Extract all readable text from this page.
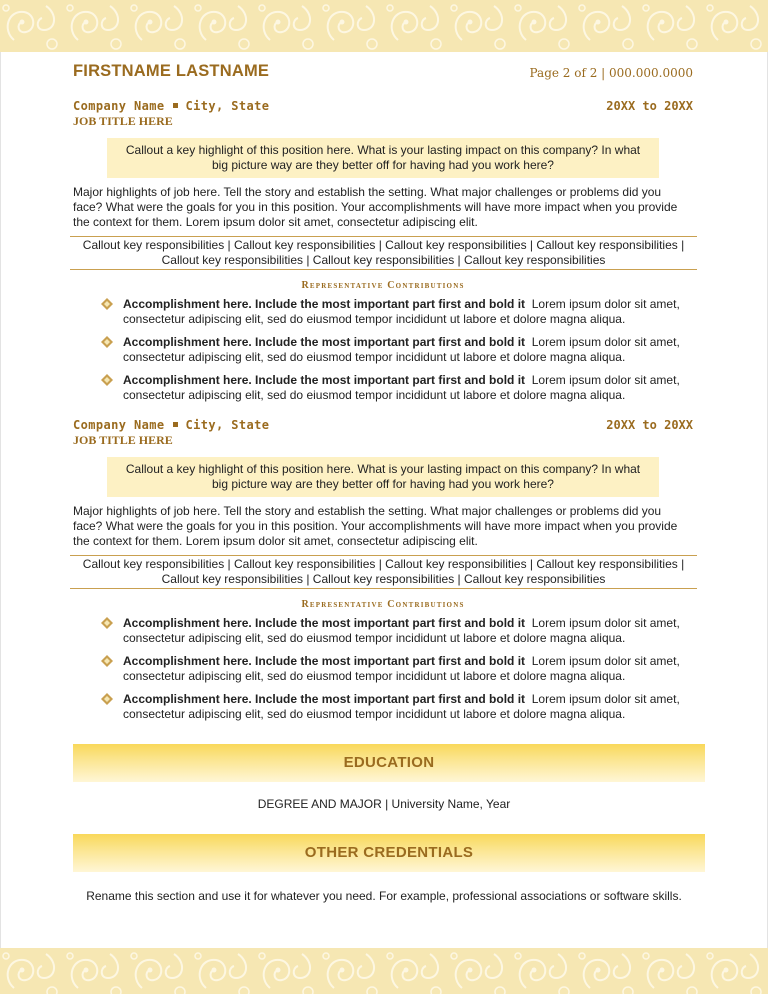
FIRSTNAME LASTNAME	Page 2 of 2 | 000.000.0000
Company Name City, State	20XX to 20XX
JOB TITLE HERE
Callout a key highlight of this position here. What is your lasting impact on this company? In what
big picture way are they better off for having had you work here?
Major highlights of job here. Tell the story and establish the setting. What major challenges or problems did you
face? What were the goals for you in this position. Your accomplishments will have more impact when you provide
the context for them. Lorem ipsum dolor sit amet, consectetur adipiscing elit.
Callout key responsibilities | Callout key responsibilities | Callout key responsibilities | Callout key responsibilities |
Callout key responsibilities | Callout key responsibilities | Callout key responsibilities
Representative Contributions
Accomplishment here. Include the most important part first and bold it Lorem ipsum dolor sit amet,
consectetur adipiscing elit, sed do eiusmod tempor incididunt ut labore et dolore magna aliqua.
Accomplishment here. Include the most important part first and bold it Lorem ipsum dolor sit amet,
consectetur adipiscing elit, sed do eiusmod tempor incididunt ut labore et dolore magna aliqua.
Accomplishment here. Include the most important part first and bold it Lorem ipsum dolor sit amet,
consectetur adipiscing elit, sed do eiusmod tempor incididunt ut labore et dolore magna aliqua.
Company Name City, State	20XX to 20XX
JOB TITLE HERE
Callout a key highlight of this position here. What is your lasting impact on this company? In what
big picture way are they better off for having had you work here?
Major highlights of job here. Tell the story and establish the setting. What major challenges or problems did you
face? What were the goals for you in this position. Your accomplishments will have more impact when you provide
the context for them. Lorem ipsum dolor sit amet, consectetur adipiscing elit.
Callout key responsibilities | Callout key responsibilities | Callout key responsibilities | Callout key responsibilities |
Callout key responsibilities | Callout key responsibilities | Callout key responsibilities
Representative Contributions
Accomplishment here. Include the most important part first and bold it Lorem ipsum dolor sit amet,
consectetur adipiscing elit, sed do eiusmod tempor incididunt ut labore et dolore magna aliqua.
Accomplishment here. Include the most important part first and bold it Lorem ipsum dolor sit amet,
consectetur adipiscing elit, sed do eiusmod tempor incididunt ut labore et dolore magna aliqua.
Accomplishment here. Include the most important part first and bold it Lorem ipsum dolor sit amet,
consectetur adipiscing elit, sed do eiusmod tempor incididunt ut labore et dolore magna aliqua.
EDUCATION
DEGREE AND MAJOR | University Name, Year
OTHER CREDENTIALS
Rename this section and use it for whatever you need. For example, professional associations or software skills.
